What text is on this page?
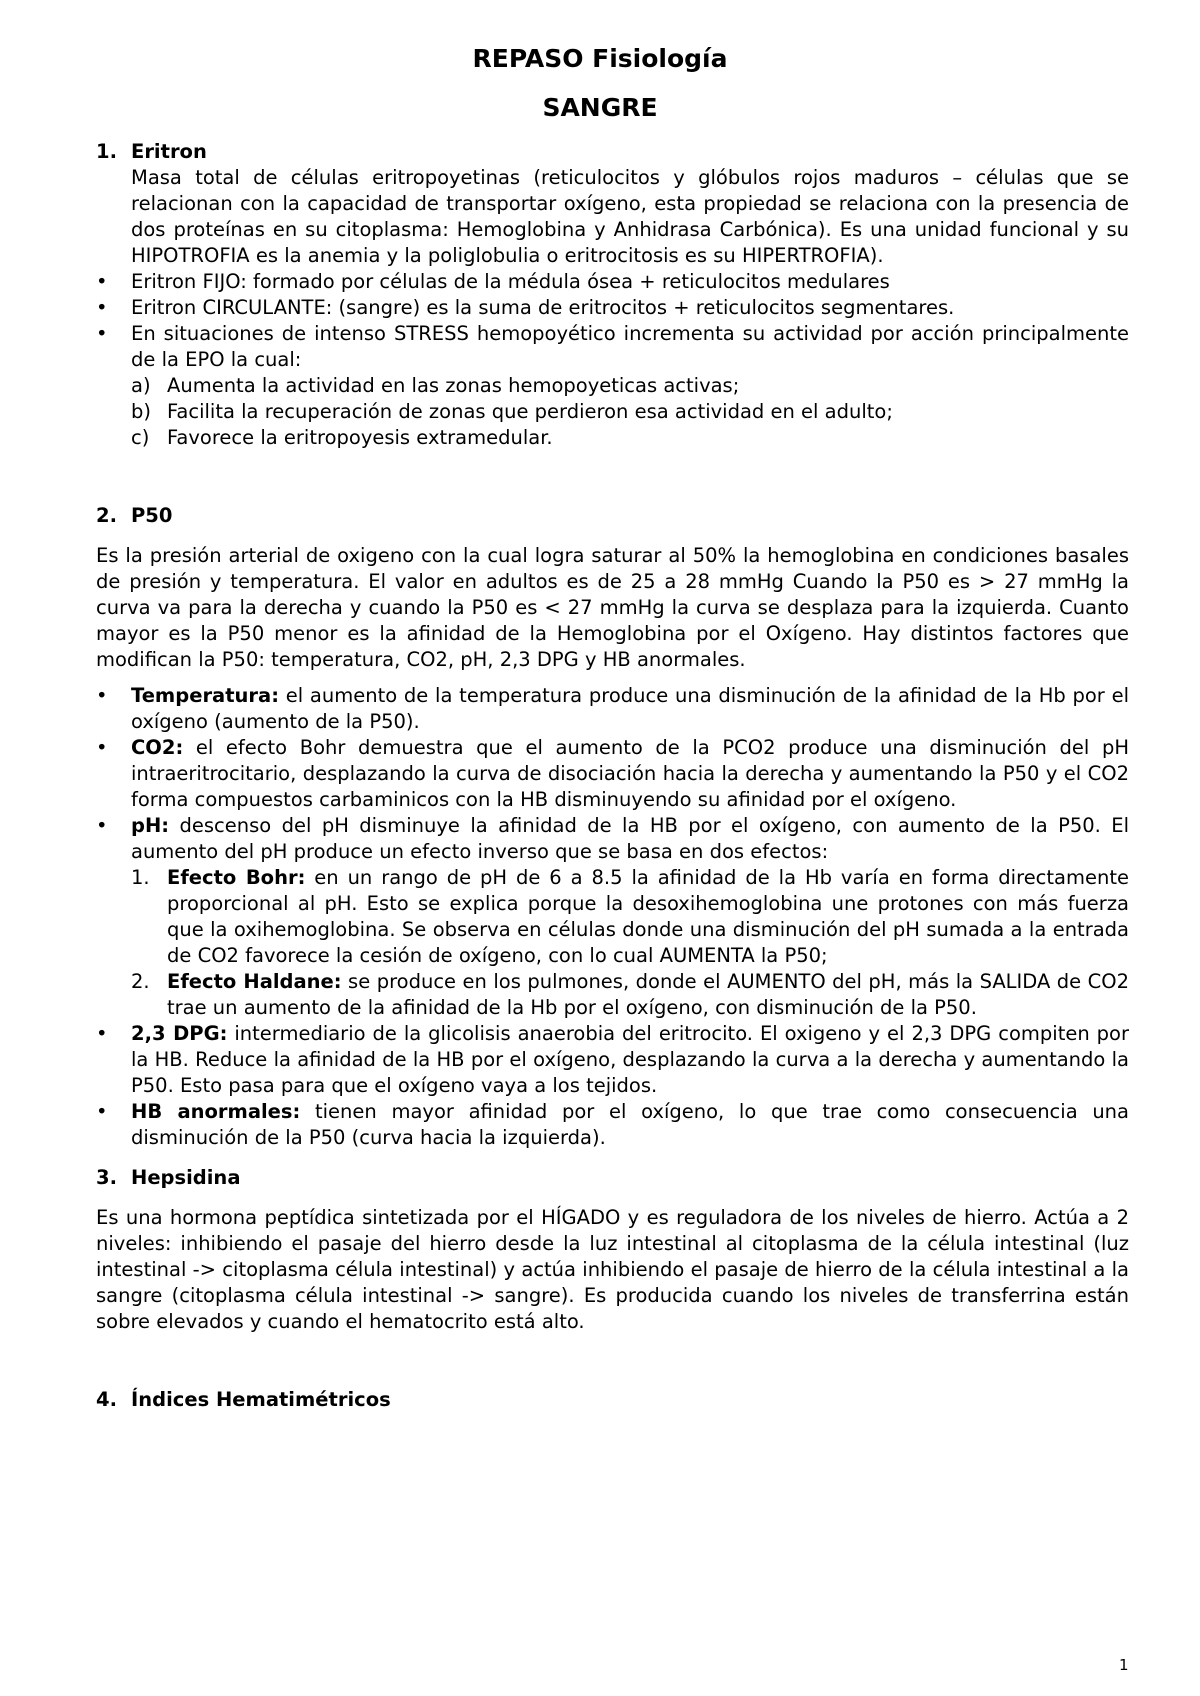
REPASO Fisiología
SANGRE
1. Eritron
Masa total de células eritropoyetinas (reticulocitos y glóbulos rojos maduros – células que se relacionan con la capacidad de transportar oxígeno, esta propiedad se relaciona con la presencia de dos proteínas en su citoplasma: Hemoglobina y Anhidrasa Carbónica). Es una unidad funcional y su HIPOTROFIA es la anemia y la poliglobulia o eritrocitosis es su HIPERTROFIA).
• Eritron FIJO: formado por células de la médula ósea + reticulocitos medulares
• Eritron CIRCULANTE: (sangre) es la suma de eritrocitos + reticulocitos segmentares.
• En situaciones de intenso STRESS hemopoyético incrementa su actividad por acción principalmente de la EPO la cual:
a) Aumenta la actividad en las zonas hemopoyeticas activas;
b) Facilita la recuperación de zonas que perdieron esa actividad en el adulto;
c) Favorece la eritropoyesis extramedular.
2. P50
Es la presión arterial de oxigeno con la cual logra saturar al 50% la hemoglobina en condiciones basales de presión y temperatura. El valor en adultos es de 25 a 28 mmHg Cuando la P50 es > 27 mmHg la curva va para la derecha y cuando la P50 es < 27 mmHg la curva se desplaza para la izquierda. Cuanto mayor es la P50 menor es la afinidad de la Hemoglobina por el Oxígeno. Hay distintos factores que modifican la P50: temperatura, CO2, pH, 2,3 DPG y HB anormales.
• Temperatura: el aumento de la temperatura produce una disminución de la afinidad de la Hb por el oxígeno (aumento de la P50).
• CO2: el efecto Bohr demuestra que el aumento de la PCO2 produce una disminución del pH intraeritrocitario, desplazando la curva de disociación hacia la derecha y aumentando la P50 y el CO2 forma compuestos carbaminicos con la HB disminuyendo su afinidad por el oxígeno.
• pH: descenso del pH disminuye la afinidad de la HB por el oxígeno, con aumento de la P50. El aumento del pH produce un efecto inverso que se basa en dos efectos:
1. Efecto Bohr: en un rango de pH de 6 a 8.5 la afinidad de la Hb varía en forma directamente proporcional al pH. Esto se explica porque la desoxihemoglobina une protones con más fuerza que la oxihemoglobina. Se observa en células donde una disminución del pH sumada a la entrada de CO2 favorece la cesión de oxígeno, con lo cual AUMENTA la P50;
2. Efecto Haldane: se produce en los pulmones, donde el AUMENTO del pH, más la SALIDA de CO2 trae un aumento de la afinidad de la Hb por el oxígeno, con disminución de la P50.
• 2,3 DPG: intermediario de la glicolisis anaerobia del eritrocito. El oxigeno y el 2,3 DPG compiten por la HB. Reduce la afinidad de la HB por el oxígeno, desplazando la curva a la derecha y aumentando la P50. Esto pasa para que el oxígeno vaya a los tejidos.
• HB anormales: tienen mayor afinidad por el oxígeno, lo que trae como consecuencia una disminución de la P50 (curva hacia la izquierda).
3. Hepsidina
Es una hormona peptídica sintetizada por el HÍGADO y es reguladora de los niveles de hierro. Actúa a 2 niveles: inhibiendo el pasaje del hierro desde la luz intestinal al citoplasma de la célula intestinal (luz intestinal -> citoplasma célula intestinal) y actúa inhibiendo el pasaje de hierro de la célula intestinal a la sangre (citoplasma célula intestinal -> sangre). Es producida cuando los niveles de transferrina están sobre elevados y cuando el hematocrito está alto.
4. Índices Hematimétricos
1
